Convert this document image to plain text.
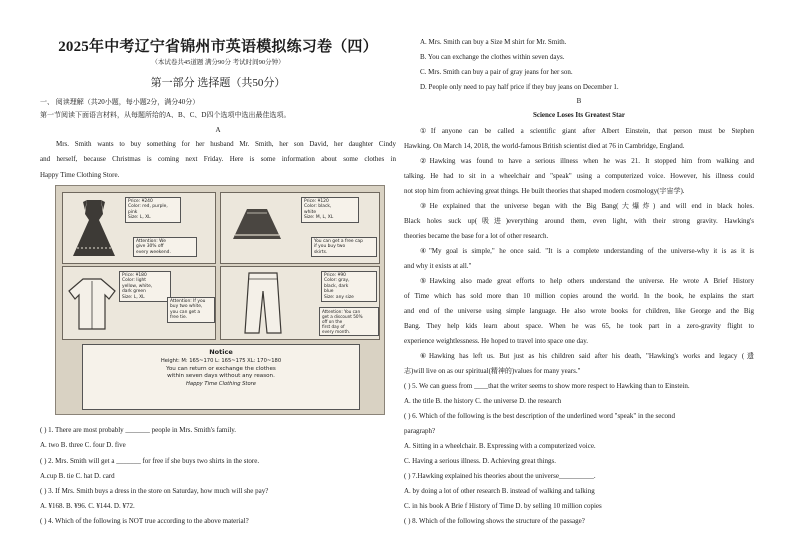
2025年中考辽宁省锦州市英语模拟练习卷（四）
（本试卷共45道题 满分90分 考试时间90分钟）
第一部分 选择题（共50分）
一、 阅读理解（共20小题，每小题2分，满分40分）
第一节阅读下面语言材料，从每题所给的A、B、C、D四个选项中选出最佳选项。
A
Mrs. Smith wants to buy something for her husband Mr. Smith, her son David, her daughter Cindy
and herself, because Christmas is coming next Friday. Here is some information about some clothes in
Happy Time Clothing Store.
Price: ¥240
Color: red, purple,
pink
Size: L, XL
Attention: We
give 30% off
every weekend.
Price: ¥120
Color: black,
white
Size: M, L, XL
You can get a free cap
if you buy two
skirts.
Price: ¥180
Color: light
yellow, white,
dark green
Size: L, XL
Attention: If you
buy two white,
you can get a
free tie.
Price: ¥90
Color: gray,
black, dark
blue
Size: any size
Attention: You can
get a discount 50%
off on the
first day of
every month.
Notice
Height: M: 165~170 L: 165~175 XL: 170~180
You can return or exchange the clothes
within seven days without any reason.
Happy Time Clothing Store
( ) 1. There are most probably _______ people in Mrs. Smith's family.
A. two B. three C. four D. five
( ) 2. Mrs. Smith will get a _______ for free if she buys two shirts in the store.
A.cup B. tie C. hat D. card
( ) 3. If Mrs. Smith buys a dress in the store on Saturday, how much will she pay?
A. ¥168. B. ¥96. C. ¥144. D. ¥72.
( ) 4. Which of the following is NOT true according to the above material?
A. Mrs. Smith can buy a Size M shirt for Mr. Smith.
B. You can exchange the clothes within seven days.
C. Mrs. Smith can buy a pair of gray jeans for her son.
D. People only need to pay half price if they buy jeans on December 1.
B
Science Loses Its Greatest Star
①If anyone can be called a scientific giant after Albert Einstein, that person must be Stephen
Hawking. On March 14, 2018, the world-famous British scientist died at 76 in Cambridge, England.
②Hawking was found to have a serious illness when he was 21. It stopped him from walking and
talking. He had to sit in a wheelchair and "speak" using a computerized voice. However, his illness could
not stop him from achieving great things. He built theories that shaped modern cosmology(宇宙学).
③He explained that the universe began with the Big Bang(大爆炸) and will end in black holes.
Black holes suck up(吸进)everything around them, even light, with their strong gravity. Hawking's
theories became the base for a lot of other research.
④"My goal is simple," he once said. "It is a complete understanding of the universe-why it is as it is
and why it exists at all."
⑤Hawking also made great efforts to help others understand the universe. He wrote A Brief History
of Time which has sold more than 10 million copies around the world. In the book, he explains the start
and end of the universe using simple language. He also wrote books for children, like George and the Big
Bang. They help kids learn about space. When he was 65, he took part in a zero-gravity flight to
experience weightlessness. He hoped to travel into space one day.
⑥Hawking has left us. But just as his children said after his death, "Hawking's works and legacy (遗
志)will live on as our spiritual(精神的)values for many years."
( ) 5. We can guess from ____that the writer seems to show more respect to Hawking than to Einstein.
A. the title B. the history C. the universe D. the research
( ) 6. Which of the following is the best description of the underlined word "speak" in the second
paragraph?
A. Sitting in a wheelchair. B. Expressing with a computerized voice.
C. Having a serious illness. D. Achieving great things.
( ) 7.Hawking explained his theories about the universe__________.
A. by doing a lot of other research B. instead of walking and talking
C. in his book A Brie f History of Time D. by selling 10 million copies
( ) 8. Which of the following shows the structure of the passage?
